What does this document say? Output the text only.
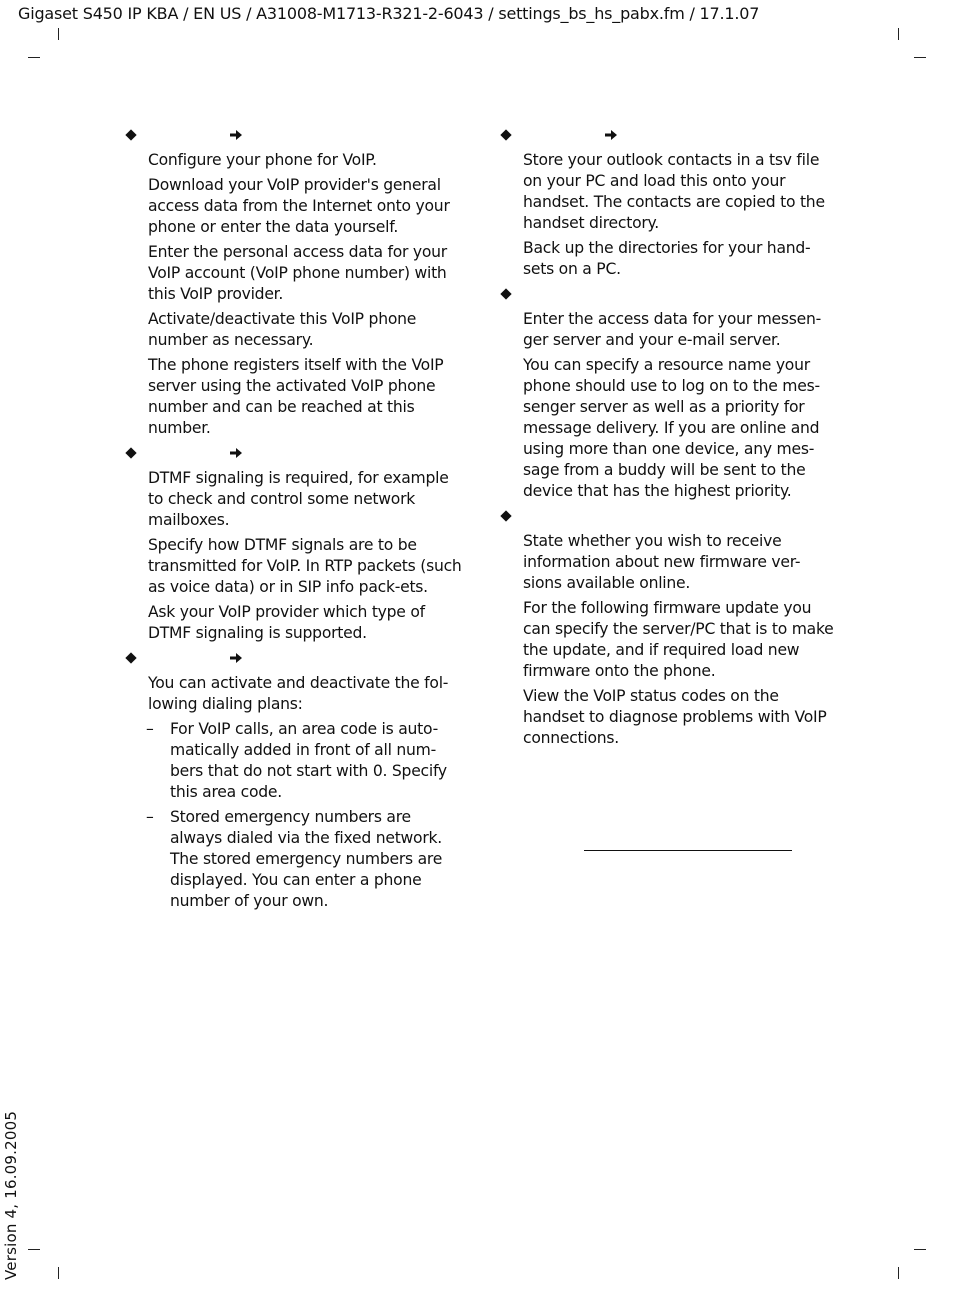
Gigaset S450 IP KBA / EN US / A31008-M1713-R321-2-6043 / settings_bs_hs_pabx.fm / 17.1.07
Version 4, 16.09.2005

Configure your phone for VoIP.

Download your VoIP provider's general access data from the Internet onto your phone or enter the data yourself.

Enter the personal access data for your VoIP account (VoIP phone number) with this VoIP provider.

Activate/deactivate this VoIP phone number as necessary.

The phone registers itself with the VoIP server using the activated VoIP phone number and can be reached at this number.

DTMF signaling is required, for example to check and control some network mailboxes.

Specify how DTMF signals are to be transmitted for VoIP. In RTP packets (such as voice data) or in SIP info pack-ets.

Ask your VoIP provider which type of DTMF signaling is supported.

You can activate and deactivate the fol-lowing dialing plans:

– For VoIP calls, an area code is auto-matically added in front of all num-bers that do not start with 0. Specify this area code.
– Stored emergency numbers are always dialed via the fixed network. The stored emergency numbers are displayed. You can enter a phone number of your own.

Store your outlook contacts in a tsv file on your PC and load this onto your handset. The contacts are copied to the handset directory.

Back up the directories for your hand-sets on a PC.

Enter the access data for your messen-ger server and your e-mail server.

You can specify a resource name your phone should use to log on to the mes-senger server as well as a priority for message delivery. If you are online and using more than one device, any mes-sage from a buddy will be sent to the device that has the highest priority.

State whether you wish to receive information about new firmware ver-sions available online.

For the following firmware update you can specify the server/PC that is to make the update, and if required load new firmware onto the phone.

View the VoIP status codes on the handset to diagnose problems with VoIP connections.
